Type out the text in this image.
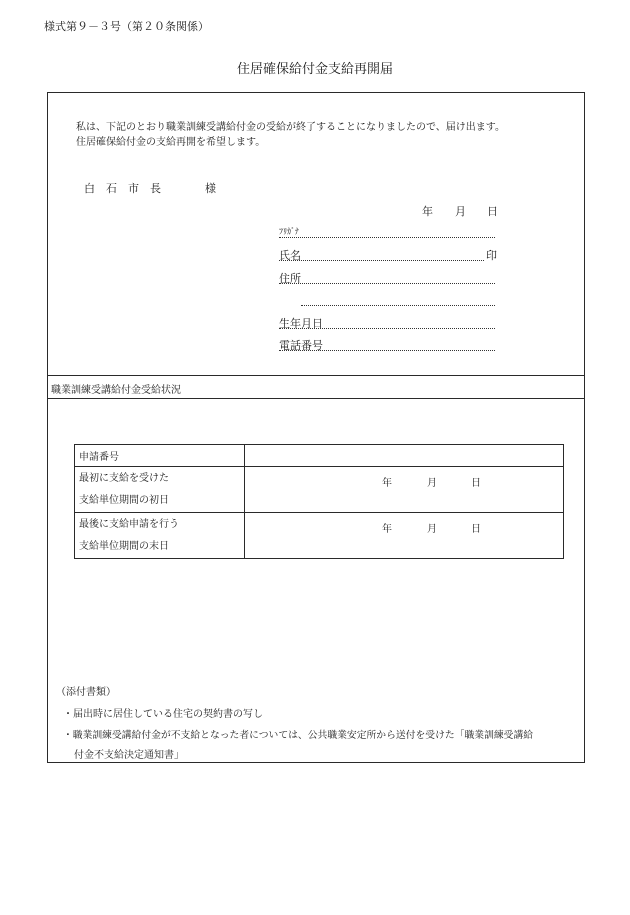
様式第９－３号（第２０条関係）
住居確保給付金支給再開届
私は、下記のとおり職業訓練受講給付金の受給が終了することになりましたので、届け出ます。
住居確保給付金の支給再開を希望します。
白　石　市　長	様
年 月 日
ﾌﾘｶﾞﾅ
氏名	印
住所
生年月日
電話番号
職業訓練受講給付金受給状況
申請番号	

最初に支給を受けた
支給単位期間の初日	年 月 日

最後に支給申請を行う
支給単位期間の末日	年 月 日
（添付書類）
・届出時に居住している住宅の契約書の写し
・職業訓練受講給付金が不支給となった者については、公共職業安定所から送付を受けた「職業訓練受講給
付金不支給決定通知書」
